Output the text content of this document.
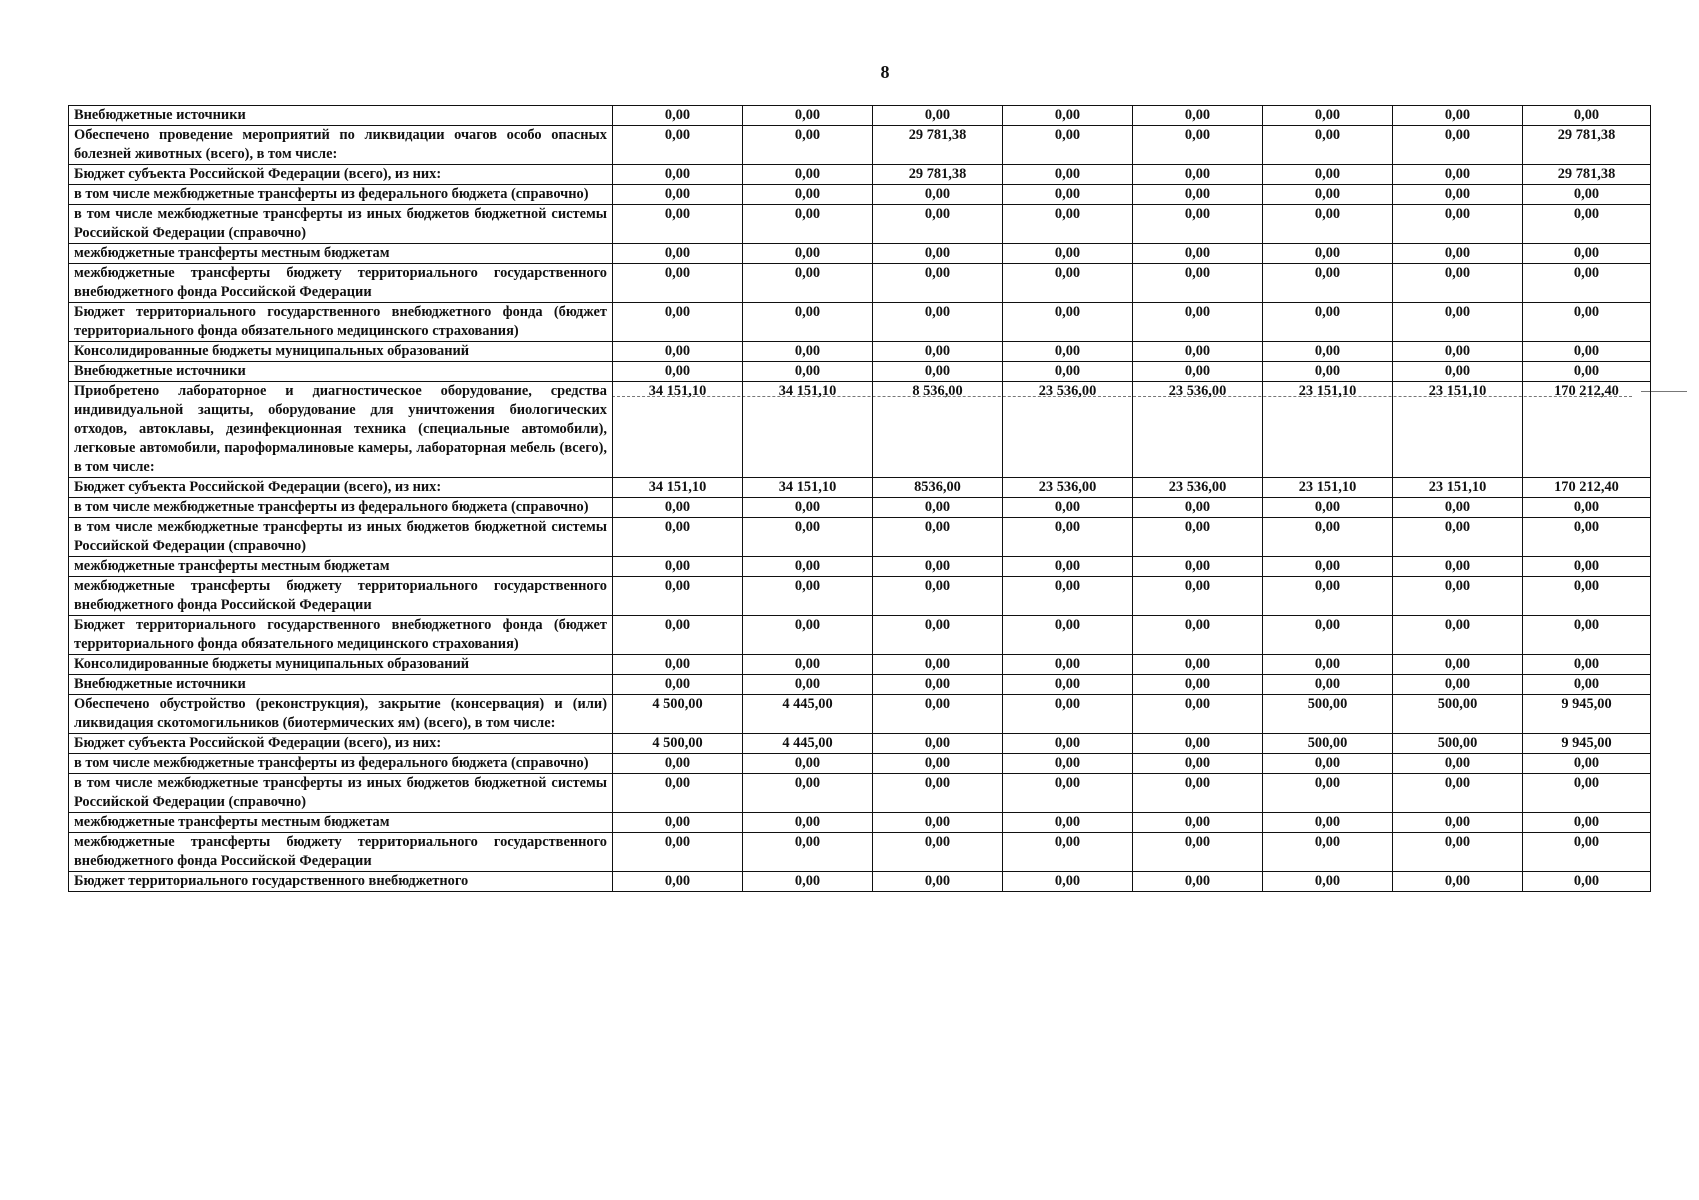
8
Внебюджетные источники	0,00	0,00	0,00	0,00	0,00	0,00	0,00	0,00
Обеспечено проведение мероприятий по ликвидации очагов особо опасных болезней животных (всего), в том числе:	0,00	0,00	29 781,38	0,00	0,00	0,00	0,00	29 781,38
Бюджет субъекта Российской Федерации (всего), из них:	0,00	0,00	29 781,38	0,00	0,00	0,00	0,00	29 781,38
в том числе межбюджетные трансферты из федерального бюджета (справочно)	0,00	0,00	0,00	0,00	0,00	0,00	0,00	0,00
в том числе межбюджетные трансферты из иных бюджетов бюджетной системы Российской Федерации (справочно)	0,00	0,00	0,00	0,00	0,00	0,00	0,00	0,00
межбюджетные трансферты местным бюджетам	0,00	0,00	0,00	0,00	0,00	0,00	0,00	0,00
межбюджетные трансферты бюджету территориального государственного внебюджетного фонда Российской Федерации	0,00	0,00	0,00	0,00	0,00	0,00	0,00	0,00
Бюджет территориального государственного внебюджетного фонда (бюджет территориального фонда обязательного медицинского страхования)	0,00	0,00	0,00	0,00	0,00	0,00	0,00	0,00
Консолидированные бюджеты муниципальных образований	0,00	0,00	0,00	0,00	0,00	0,00	0,00	0,00
Внебюджетные источники	0,00	0,00	0,00	0,00	0,00	0,00	0,00	0,00
Приобретено лабораторное и диагностическое оборудование, средства индивидуальной защиты, оборудование для уничтожения биологических отходов, автоклавы, дезинфекционная техника (специальные автомобили), легковые автомобили, пароформалиновые камеры, лабораторная мебель (всего), в том числе:	34 151,10	34 151,10	8 536,00	23 536,00	23 536,00	23 151,10	23 151,10	170 212,40
Бюджет субъекта Российской Федерации (всего), из них:	34 151,10	34 151,10	8536,00	23 536,00	23 536,00	23 151,10	23 151,10	170 212,40
в том числе межбюджетные трансферты из федерального бюджета (справочно)	0,00	0,00	0,00	0,00	0,00	0,00	0,00	0,00
в том числе межбюджетные трансферты из иных бюджетов бюджетной системы Российской Федерации (справочно)	0,00	0,00	0,00	0,00	0,00	0,00	0,00	0,00
межбюджетные трансферты местным бюджетам	0,00	0,00	0,00	0,00	0,00	0,00	0,00	0,00
межбюджетные трансферты бюджету территориального государственного внебюджетного фонда Российской Федерации	0,00	0,00	0,00	0,00	0,00	0,00	0,00	0,00
Бюджет территориального государственного внебюджетного фонда (бюджет территориального фонда обязательного медицинского страхования)	0,00	0,00	0,00	0,00	0,00	0,00	0,00	0,00
Консолидированные бюджеты муниципальных образований	0,00	0,00	0,00	0,00	0,00	0,00	0,00	0,00
Внебюджетные источники	0,00	0,00	0,00	0,00	0,00	0,00	0,00	0,00
Обеспечено обустройство (реконструкция), закрытие (консервация) и (или) ликвидация скотомогильников (биотермических ям) (всего), в том числе:	4 500,00	4 445,00	0,00	0,00	0,00	500,00	500,00	9 945,00
Бюджет субъекта Российской Федерации (всего), из них:	4 500,00	4 445,00	0,00	0,00	0,00	500,00	500,00	9 945,00
в том числе межбюджетные трансферты из федерального бюджета (справочно)	0,00	0,00	0,00	0,00	0,00	0,00	0,00	0,00
в том числе межбюджетные трансферты из иных бюджетов бюджетной системы Российской Федерации (справочно)	0,00	0,00	0,00	0,00	0,00	0,00	0,00	0,00
межбюджетные трансферты местным бюджетам	0,00	0,00	0,00	0,00	0,00	0,00	0,00	0,00
межбюджетные трансферты бюджету территориального государственного внебюджетного фонда Российской Федерации	0,00	0,00	0,00	0,00	0,00	0,00	0,00	0,00
Бюджет территориального государственного внебюджетного	0,00	0,00	0,00	0,00	0,00	0,00	0,00	0,00
